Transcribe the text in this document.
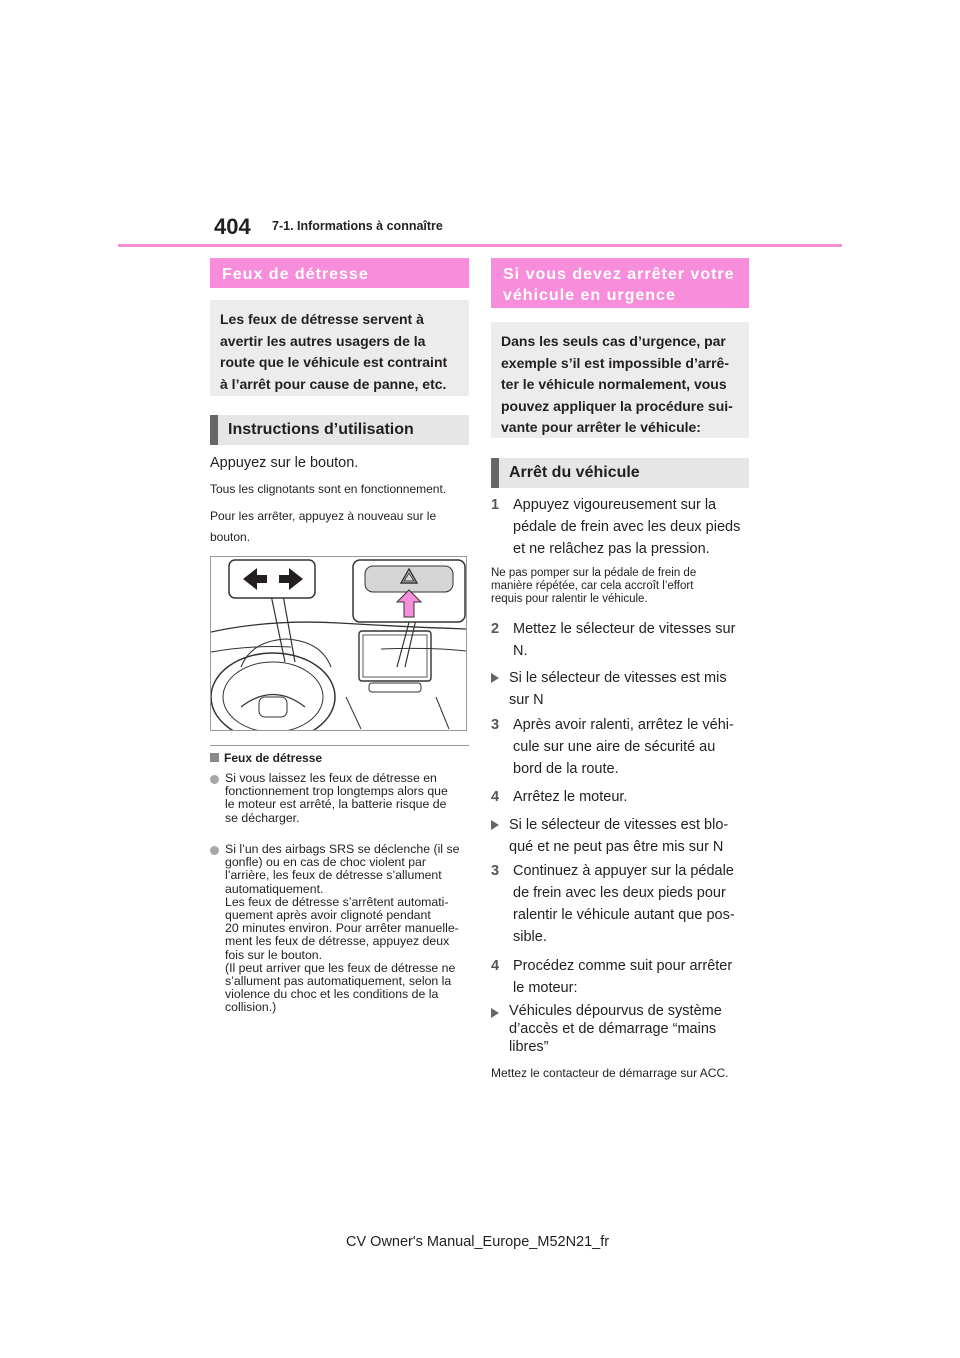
404 7-1. Informations à connaître
Feux de détresse
Les feux de détresse servent à
avertir les autres usagers de la
route que le véhicule est contraint
à l’arrêt pour cause de panne, etc.
Instructions d’utilisation
Appuyez sur le bouton.
Tous les clignotants sont en fonctionnement.
Pour les arrêter, appuyez à nouveau sur le
bouton.
Feux de détresse
Si vous laissez les feux de détresse en
fonctionnement trop longtemps alors que
le moteur est arrêté, la batterie risque de
se décharger.
Si l’un des airbags SRS se déclenche (il se
gonfle) ou en cas de choc violent par
l’arrière, les feux de détresse s’allument
automatiquement.
Les feux de détresse s’arrêtent automati-
quement après avoir clignoté pendant
20 minutes environ. Pour arrêter manuelle-
ment les feux de détresse, appuyez deux
fois sur le bouton.
(Il peut arriver que les feux de détresse ne
s’allument pas automatiquement, selon la
violence du choc et les conditions de la
collision.)
Si vous devez arrêter votre
véhicule en urgence
Dans les seuls cas d’urgence, par
exemple s’il est impossible d’arrê-
ter le véhicule normalement, vous
pouvez appliquer la procédure sui-
vante pour arrêter le véhicule:
Arrêt du véhicule
1 Appuyez vigoureusement sur la
pédale de frein avec les deux pieds
et ne relâchez pas la pression.
Ne pas pomper sur la pédale de frein de
manière répétée, car cela accroît l’effort
requis pour ralentir le véhicule.
2 Mettez le sélecteur de vitesses sur
N.
Si le sélecteur de vitesses est mis
sur N
3 Après avoir ralenti, arrêtez le véhi-
cule sur une aire de sécurité au
bord de la route.
4 Arrêtez le moteur.
Si le sélecteur de vitesses est blo-
qué et ne peut pas être mis sur N
3 Continuez à appuyer sur la pédale
de frein avec les deux pieds pour
ralentir le véhicule autant que pos-
sible.
4 Procédez comme suit pour arrêter
le moteur:
Véhicules dépourvus de système
d’accès et de démarrage “mains
libres”
Mettez le contacteur de démarrage sur ACC.
CV Owner's Manual_Europe_M52N21_fr
